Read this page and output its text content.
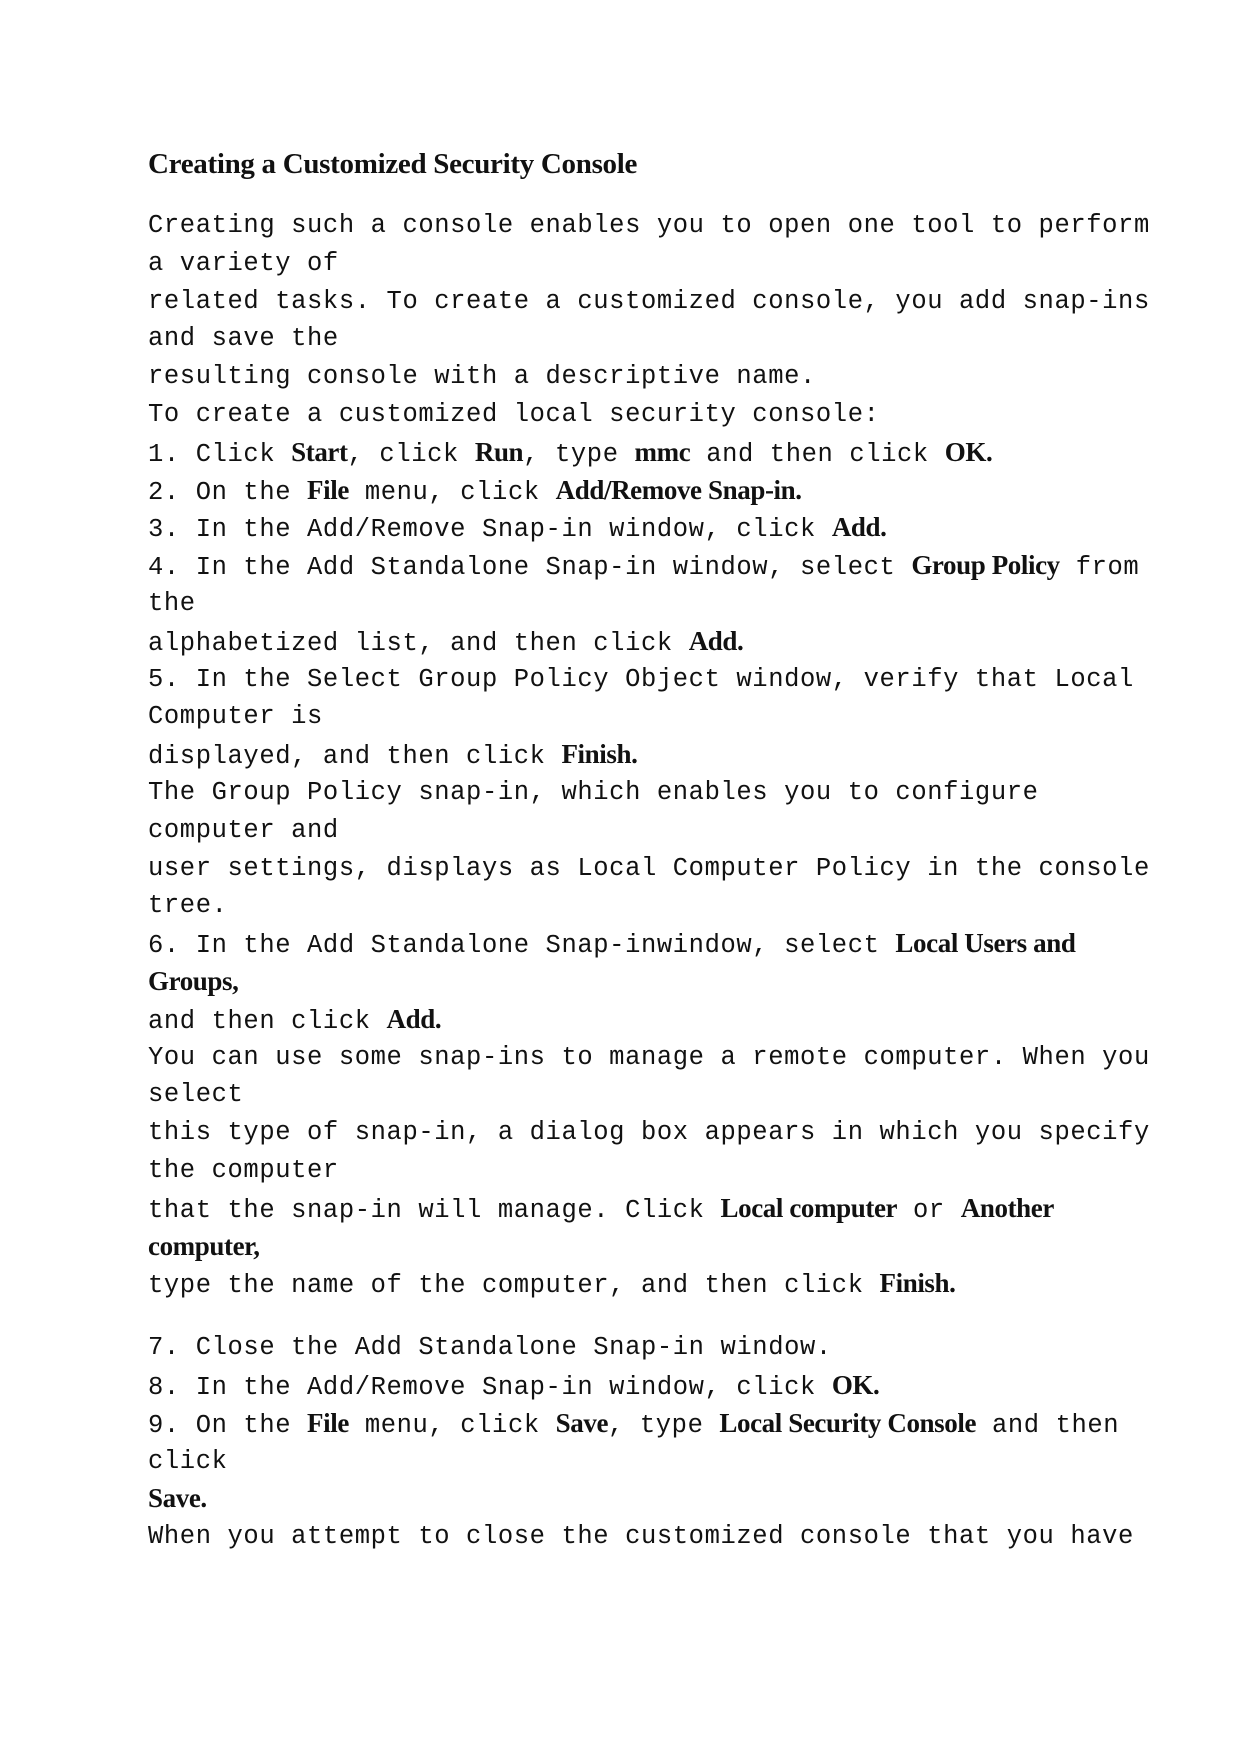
Creating a Customized Security Console
Creating such a console enables you to open one tool to perform
a variety of
related tasks. To create a customized console, you add snap-ins
and save the
resulting console with a descriptive name.
To create a customized local security console:
1. Click Start, click Run, type mmc and then click OK.
2. On the File menu, click Add/Remove Snap-in.
3. In the Add/Remove Snap-in window, click Add.
4. In the Add Standalone Snap-in window, select Group Policy from
the
alphabetized list, and then click Add.
5. In the Select Group Policy Object window, verify that Local
Computer is
displayed, and then click Finish.
The Group Policy snap-in, which enables you to configure
computer and
user settings, displays as Local Computer Policy in the console
tree.
6. In the Add Standalone Snap-inwindow, select Local Users and
Groups,
and then click Add.
You can use some snap-ins to manage a remote computer. When you
select
this type of snap-in, a dialog box appears in which you specify
the computer
that the snap-in will manage. Click Local computer or Another
computer,
type the name of the computer, and then click Finish.
7. Close the Add Standalone Snap-in window.
8. In the Add/Remove Snap-in window, click OK.
9. On the File menu, click Save, type Local Security Console and then
click
Save.
When you attempt to close the customized console that you have
